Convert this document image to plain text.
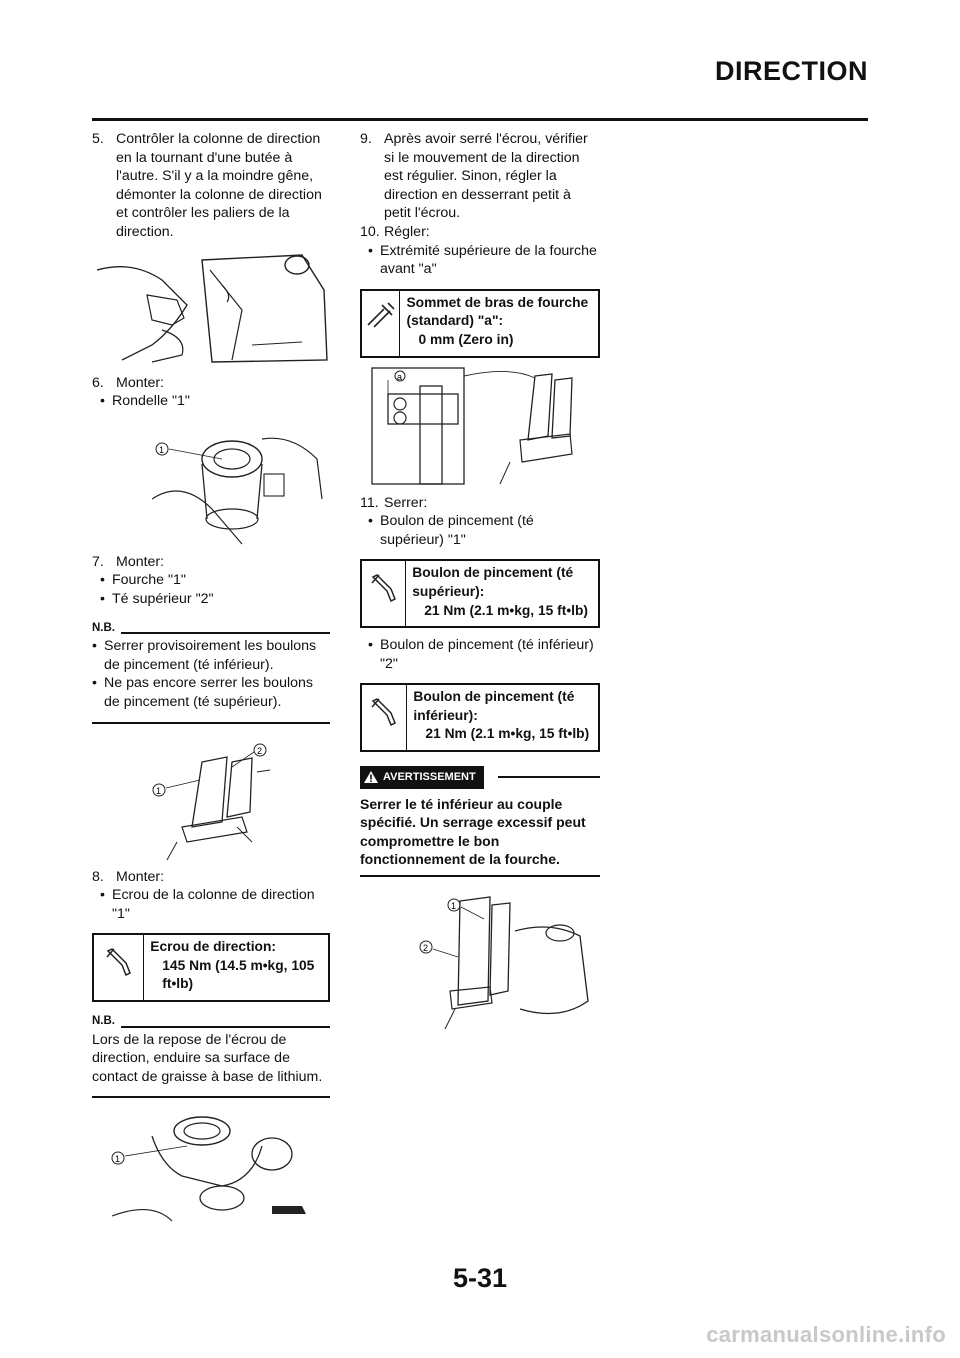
DIRECTION
5. Contrôler la colonne de direction en la tournant d'une butée à l'autre. S'il y a la moindre gêne, démonter la colonne de direction et contrôler les paliers de la direction.
6. Monter:
• Rondelle "1"
1
7. Monter:
• Fourche "1"
• Té supérieur "2"
N.B.
• Serrer provisoirement les boulons de pincement (té inférieur).
• Ne pas encore serrer les boulons de pincement (té supérieur).
2
1
8. Monter:
• Ecrou de la colonne de direction "1"
Ecrou de direction:
145 Nm (14.5 m•kg, 105 ft•lb)
N.B.
Lors de la repose de l'écrou de direction, enduire sa surface de contact de graisse à base de lithium.
1
9. Après avoir serré l'écrou, vérifier si le mouvement de la direction est régulier. Sinon, régler la direction en desserrant petit à petit l'écrou.
10. Régler:
• Extrémité supérieure de la fourche avant "a"
Sommet de bras de fourche (standard) "a":
0 mm (Zero in)
a
11. Serrer:
• Boulon de pincement (té supérieur) "1"
Boulon de pincement (té supérieur):
21 Nm (2.1 m•kg, 15 ft•lb)
• Boulon de pincement (té inférieur) "2"
Boulon de pincement (té inférieur):
21 Nm (2.1 m•kg, 15 ft•lb)
AVERTISSEMENT
Serrer le té inférieur au couple spécifié. Un serrage excessif peut compromettre le bon fonctionnement de la fourche.
1
2
5-31
carmanualsonline.info
